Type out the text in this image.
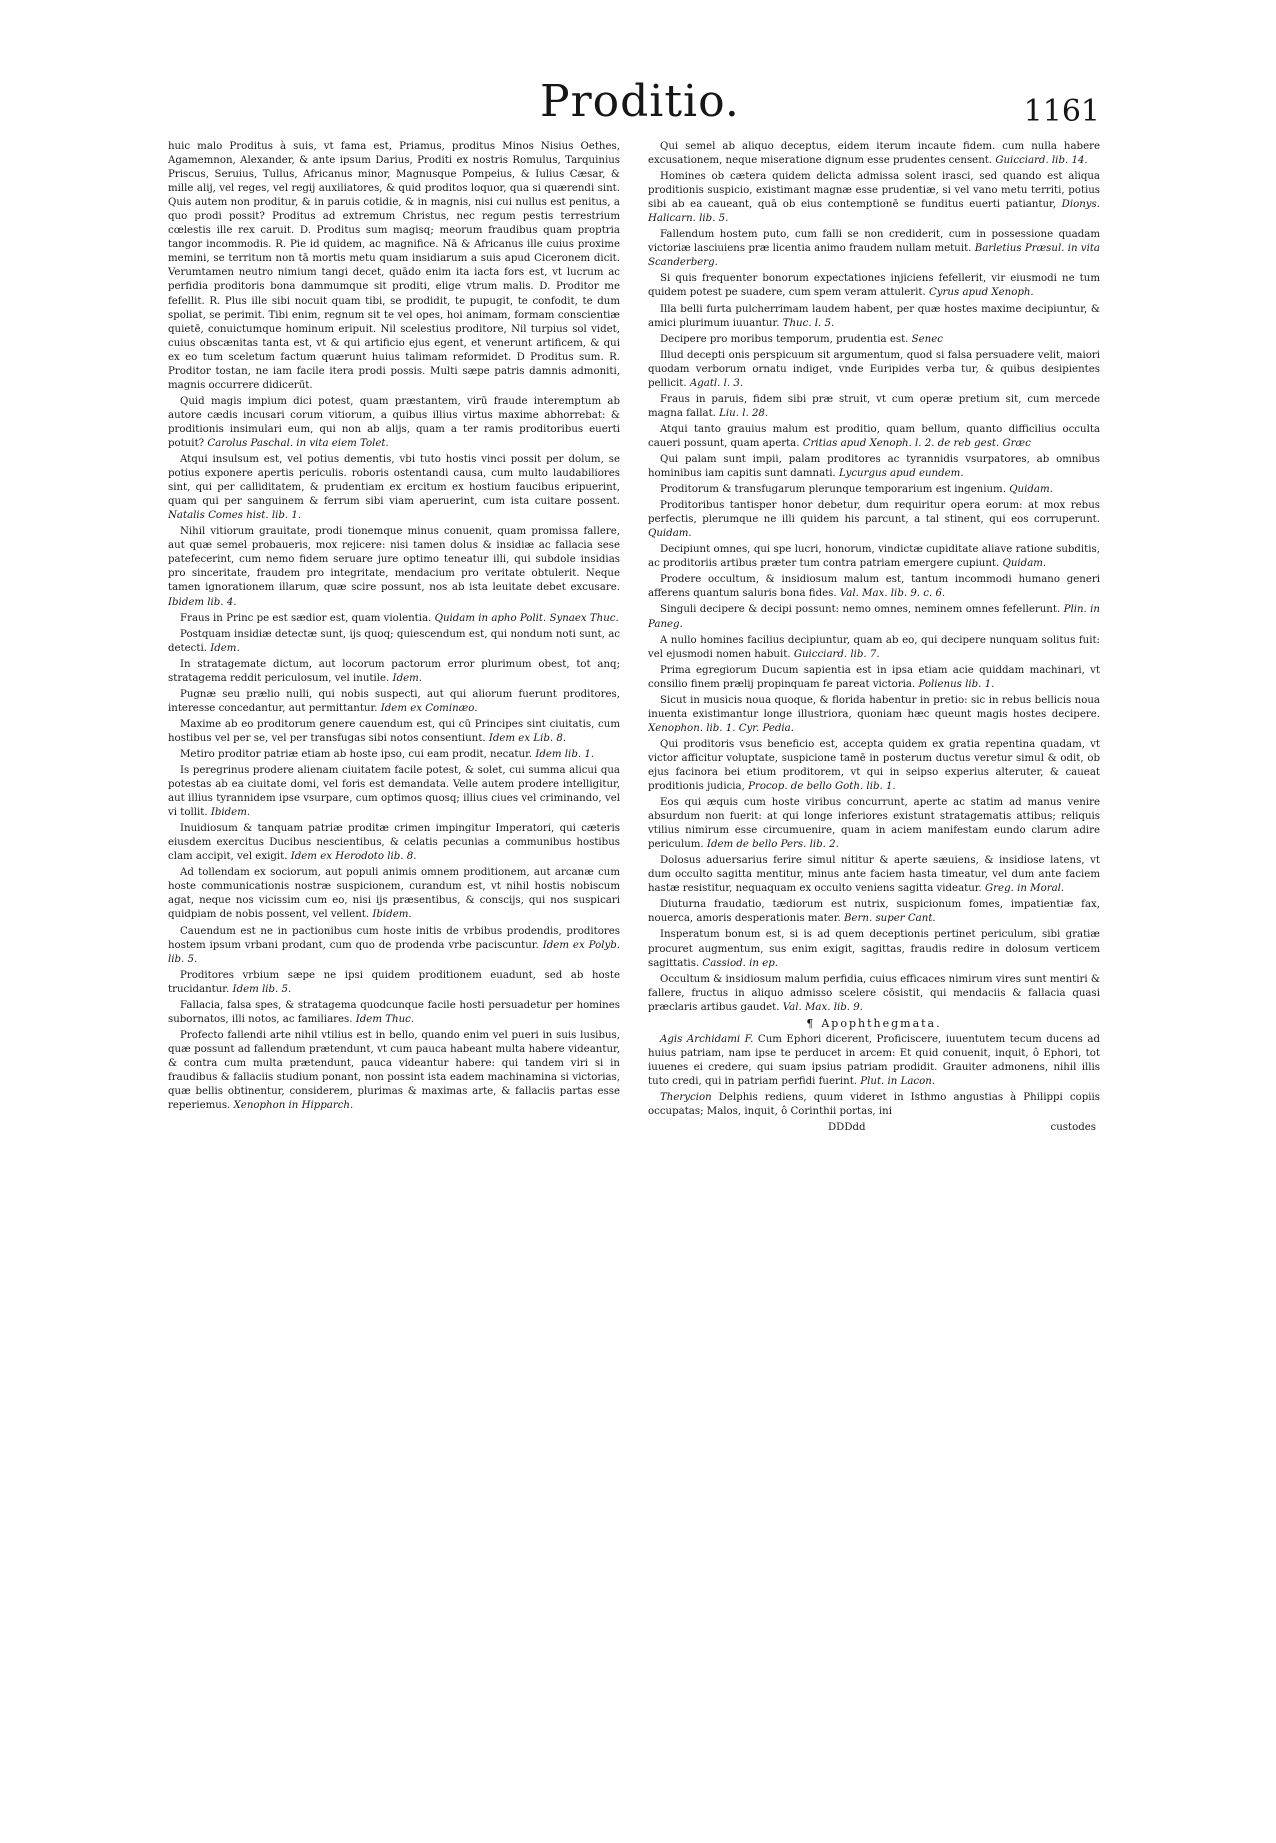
Proditio.	1161

huic malo Proditus à suis, vt fama est, Priamus, proditus Minos Nisius Oethes, Agamemnon, Alexander, & ante ipsum Darius, Proditi ex nostris Romulus, Tarquinius Priscus, Seruius, Tullus, Africanus minor, Magnusque Pompeius, & Iulius Cæsar, & mille alij, vel reges, vel regij auxiliatores, & quid proditos loquor, qua si quærendi sint. Quis autem non proditur, & in paruis cotidie, & in magnis, nisi cui nullus est penitus, a quo prodi possit? Proditus ad extremum Christus, nec regum pestis terrestrium cœlestis ille rex caruit. D. Proditus sum magisq; meorum fraudibus quam proptria tangor incommodis. R. Pie id quidem, ac magnifice. Nā & Africanus ille cuius proxime memini, se territum non tā mortis metu quam insidiarum a suis apud Ciceronem dicit. Verumtamen neutro nimium tangi decet, quādo enim ita iacta fors est, vt lucrum ac perfidia proditoris bona dammumque sit proditi, elige vtrum malis. D. Proditor me fefellit. R. Plus ille sibi nocuit quam tibi, se prodidit, te pupugit, te confodit, te dum spoliat, se perimit. Tibi enim, regnum sit te vel opes, hoi animam, formam conscientiæ quietē, conuictumque hominum eripuit. Nil scelestius proditore, Nil turpius sol videt, cuius obscænitas tanta est, vt & qui artificio ejus egent, et venerunt artificem, & qui ex eo tum sceletum factum quærunt huius talimam reformidet. D Proditus sum. R. Proditor tostan, ne iam facile itera prodi possis. Multi sæpe patris damnis admoniti, magnis occurrere didicerūt.

Quid magis impium dici potest, quam præstantem, virū fraude interemptum ab autore cædis incusari corum vitiorum, a quibus illius virtus maxime abhorrebat: & proditionis insimulari eum, qui non ab alijs, quam a ter ramis proditoribus euerti potuit? Carolus Paschal. in vita eiem Tolet.

Atqui insulsum est, vel potius dementis, vbi tuto hostis vinci possit per dolum, se potius exponere apertis periculis. roboris ostentandi causa, cum multo laudabiliores sint, qui per calliditatem, & prudentiam ex ercitum ex hostium faucibus eripuerint, quam qui per sanguinem & ferrum sibi viam aperuerint, cum ista cuitare possent. Natalis Comes hist. lib. 1.

Nihil vitiorum grauitate, prodi tionemque minus conuenit, quam promissa fallere, aut quæ semel probaueris, mox rejicere: nisi tamen dolus & insidiæ ac fallacia sese patefecerint, cum nemo fidem seruare jure optimo teneatur illi, qui subdole insidias pro sinceritate, fraudem pro integritate, mendacium pro veritate obtulerit. Neque tamen ignorationem illarum, quæ scire possunt, nos ab ista leuitate debet excusare. Ibidem lib. 4.

Fraus in Princ pe est sædior est, quam violentia. Quidam in apho Polit. Synaex Thuc.

Postquam insidiæ detectæ sunt, ijs quoq; quiescendum est, qui nondum noti sunt, ac detecti. Idem.

In stratagemate dictum, aut locorum pactorum error plurimum obest, tot anq; stratagema reddit periculosum, vel inutile. Idem.

Pugnæ seu prælio nulli, qui nobis suspecti, aut qui aliorum fuerunt proditores, interesse concedantur, aut permittantur. Idem ex Cominæo.

Maxime ab eo proditorum genere cauendum est, qui cū Principes sint ciuitatis, cum hostibus vel per se, vel per transfugas sibi notos consentiunt. Idem ex Lib. 8.

Metiro proditor patriæ etiam ab hoste ipso, cui eam prodit, necatur. Idem lib. 1.

Is peregrinus prodere alienam ciuitatem facile potest, & solet, cui summa alicui qua potestas ab ea ciuitate domi, vel foris est demandata. Velle autem prodere intelligitur, aut illius tyrannidem ipse vsurpare, cum optimos quosq; illius ciues vel criminando, vel vi tollit. Ibidem.

Inuidiosum & tanquam patriæ proditæ crimen impingitur Imperatori, qui cæteris eiusdem exercitus Ducibus nescientibus, & celatis pecunias a communibus hostibus clam accipit, vel exigit. Idem ex Herodoto lib. 8.

Ad tollendam ex sociorum, aut populi animis omnem proditionem, aut arcanæ cum hoste communicationis nostræ suspicionem, curandum est, vt nihil hostis nobiscum agat, neque nos vicissim cum eo, nisi ijs præsentibus, & conscijs, qui nos suspicari quidpiam de nobis possent, vel vellent. Ibidem.

Cauendum est ne in pactionibus cum hoste initis de vrbibus prodendis, proditores hostem ipsum vrbani prodant, cum quo de prodenda vrbe paciscuntur. Idem ex Polyb. lib. 5.

Proditores vrbium sæpe ne ipsi quidem proditionem euadunt, sed ab hoste trucidantur. Idem lib. 5.

Fallacia, falsa spes, & stratagema quodcunque facile hosti persuadetur per homines subornatos, illi notos, ac familiares. Idem Thuc.

Profecto fallendi arte nihil vtilius est in bello, quando enim vel pueri in suis lusibus, quæ possunt ad fallendum prætendunt, vt cum pauca habeant multa habere videantur, & contra cum multa prætendunt, pauca videantur habere: qui tandem viri si in fraudibus & fallaciis studium ponant, non possint ista eadem machinamina si victorias, quæ bellis obtinentur, considerem, plurimas & maximas arte, & fallaciis partas esse reperiemus. Xenophon in Hipparch.

Qui semel ab aliquo deceptus, eidem iterum incaute fidem. cum nulla habere excusationem, neque miseratione dignum esse prudentes censent. Guicciard. lib. 14.

Homines ob cætera quidem delicta admissa solent irasci, sed quando est aliqua proditionis suspicio, existimant magnæ esse prudentiæ, si vel vano metu territi, potius sibi ab ea caueant, quā ob eius contemptionē se funditus euerti patiantur, Dionys. Halicarn. lib. 5.

Fallendum hostem puto, cum falli se non crediderit, cum in possessione quadam victoriæ lasciuiens præ licentia animo fraudem nullam metuit. Barletius Præsul. in vita Scanderberg.

Si quis frequenter bonorum expectationes injiciens fefellerit, vir eiusmodi ne tum quidem potest pe suadere, cum spem veram attulerit. Cyrus apud Xenoph.

Illa belli furta pulcherrimam laudem habent, per quæ hostes maxime decipiuntur, & amici plurimum iuuantur. Thuc. l. 5.

Decipere pro moribus temporum, prudentia est. Senec

Illud decepti onis perspicuum sit argumentum, quod si falsa persuadere velit, maiori quodam verborum ornatu indiget, vnde Euripides verba tur, & quibus desipientes pellicit. Agatl. l. 3.

Fraus in paruis, fidem sibi præ struit, vt cum operæ pretium sit, cum mercede magna fallat. Liu. l. 28.

Atqui tanto grauius malum est proditio, quam bellum, quanto difficilius occulta caueri possunt, quam aperta. Critias apud Xenoph. l. 2. de reb gest. Græc

Qui palam sunt impii, palam proditores ac tyrannidis vsurpatores, ab omnibus hominibus iam capitis sunt damnati. Lycurgus apud eundem.

Proditorum & transfugarum plerunque temporarium est ingenium. Quidam.

Proditoribus tantisper honor debetur, dum requiritur opera eorum: at mox rebus perfectis, plerumque ne illi quidem his parcunt, a tal stinent, qui eos corruperunt. Quidam.

Decipiunt omnes, qui spe lucri, honorum, vindictæ cupiditate aliave ratione subditis, ac proditoriis artibus præter tum contra patriam emergere cupiunt. Quidam.

Prodere occultum, & insidiosum malum est, tantum incommodi humano generi afferens quantum saluris bona fides. Val. Max. lib. 9. c. 6.

Singuli decipere & decipi possunt: nemo omnes, neminem omnes fefellerunt. Plin. in Paneg.

A nullo homines facilius decipiuntur, quam ab eo, qui decipere nunquam solitus fuit: vel ejusmodi nomen habuit. Guicciard. lib. 7.

Prima egregiorum Ducum sapientia est in ipsa etiam acie quiddam machinari, vt consilio finem prælij propinquam fe pareat victoria. Polienus lib. 1.

Sicut in musicis noua quoque, & florida habentur in pretio: sic in rebus bellicis noua inuenta existimantur longe illustriora, quoniam hæc queunt magis hostes decipere. Xenophon. lib. 1. Cyr. Pedia.

Qui proditoris vsus beneficio est, accepta quidem ex gratia repentina quadam, vt victor afficitur voluptate, suspicione tamē in posterum ductus veretur simul & odit, ob ejus facinora bei etium proditorem, vt qui in seipso experius alteruter, & caueat proditionis judicia, Procop. de bello Goth. lib. 1.

Eos qui æquis cum hoste viribus concurrunt, aperte ac statim ad manus venire absurdum non fuerit: at qui longe inferiores existunt stratagematis attibus; reliquis vtilius nimirum esse circumuenire, quam in aciem manifestam eundo clarum adire periculum. Idem de bello Pers. lib. 2.

Dolosus aduersarius ferire simul nititur & aperte sæuiens, & insidiose latens, vt dum occulto sagitta mentitur, minus ante faciem hasta timeatur, vel dum ante faciem hastæ resistitur, nequaquam ex occulto veniens sagitta videatur. Greg. in Moral.

Diuturna fraudatio, tædiorum est nutrix, suspicionum fomes, impatientiæ fax, nouerca, amoris desperationis mater. Bern. super Cant.

Insperatum bonum est, si is ad quem deceptionis pertinet periculum, sibi gratiæ procuret augmentum, sus enim exigit, sagittas, fraudis redire in dolosum verticem sagittatis. Cassiod. in ep.

Occultum & insidiosum malum perfidia, cuius efficaces nimirum vires sunt mentiri & fallere, fructus in aliquo admisso scelere cōsistit, qui mendaciis & fallacia quasi præclaris artibus gaudet. Val. Max. lib. 9.

¶ Apophthegmata.

Agis Archidami F. Cum Ephori dicerent, Proficiscere, iuuentutem tecum ducens ad huius patriam, nam ipse te perducet in arcem: Et quid conuenit, inquit, ô Ephori, tot iuuenes ei credere, qui suam ipsius patriam prodidit. Grauiter admonens, nihil illis tuto credi, qui in patriam perfidi fuerint. Plut. in Lacon.

Therycion Delphis rediens, quum videret in Isthmo angustias à Philippi copiis occupatas; Malos, inquit, ô Corinthii portas, ini

DDDdd	custodes
